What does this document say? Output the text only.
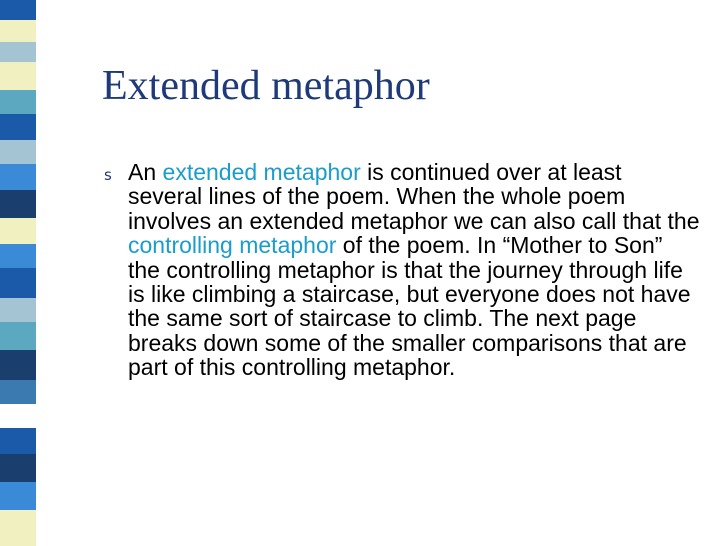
Extended metaphor
s An extended metaphor is continued over at least several lines of the poem. When the whole poem involves an extended metaphor we can also call that the controlling metaphor of the poem. In “Mother to Son” the controlling metaphor is that the journey through life is like climbing a staircase, but everyone does not have the same sort of staircase to climb. The next page breaks down some of the smaller comparisons that are part of this controlling metaphor.
